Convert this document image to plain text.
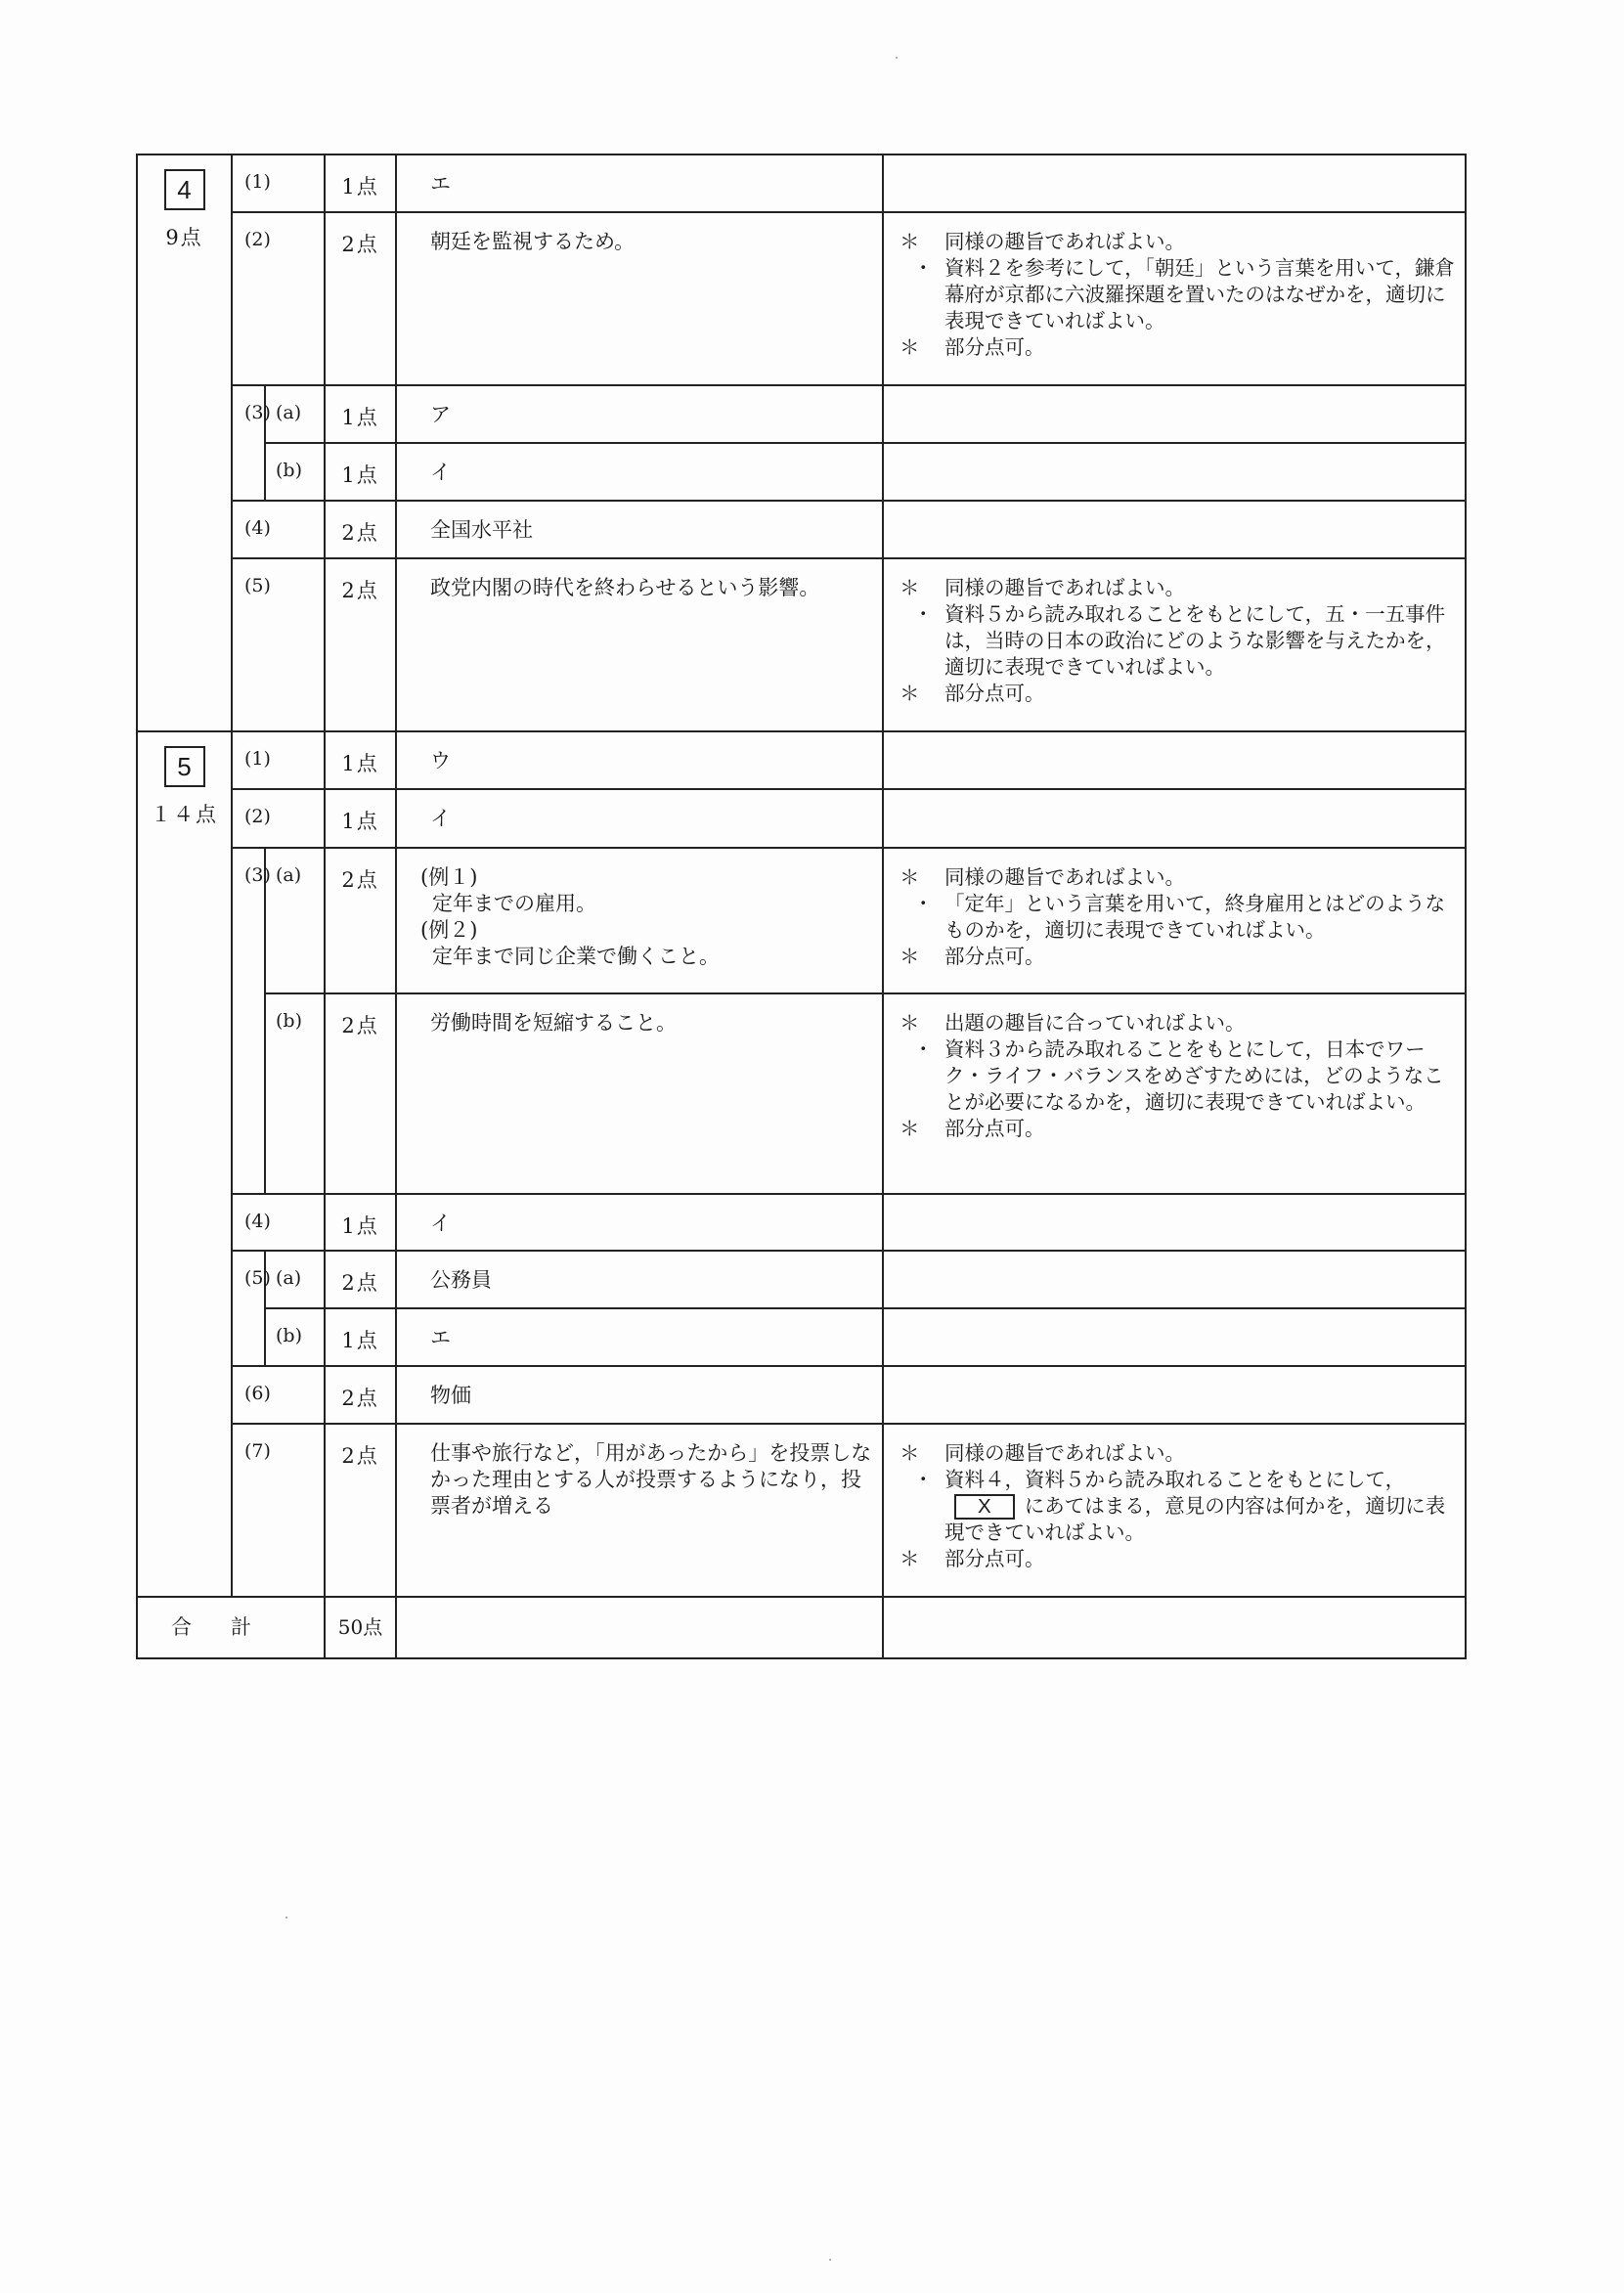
4
9点	(1)		1点	エ	

(2)	2点	朝廷を監視するため。	＊	同様の趣旨であればよい。
・ 資料２を参考にして，「朝廷」という言葉を用いて，鎌倉幕府が京都に六波羅探題を置いたのはなぜかを，適切に表現できていればよい。
＊	部分点可。

	(3)	(a)	1点	ア	

		(b)	1点	イ	

	(4)		2点	全国水平社	

(5)	2点	政党内閣の時代を終わらせるという影響。	＊	同様の趣旨であればよい。
・ 資料５から読み取れることをもとにして，五・一五事件は，当時の日本の政治にどのような影響を与えたかを，適切に表現できていればよい。
＊	部分点可。

5
１４点	(1)		1点	ウ	

	(2)		1点	イ	

(3)	(a)	2点	(例１)
定年までの雇用。
(例２)
定年まで同じ企業で働くこと。

＊	同様の趣旨であればよい。
・ 「定年」という言葉を用いて，終身雇用とはどのようなものかを，適切に表現できていればよい。
＊	部分点可。

(b)	2点	労働時間を短縮すること。	＊	出題の趣旨に合っていればよい。
・ 資料３から読み取れることをもとにして，日本でワーク・ライフ・バランスをめざすためには，どのようなことが必要になるかを，適切に表現できていればよい。
＊	部分点可。

	(4)		1点	イ	

	(5)	(a)	2点	公務員	

		(b)	1点	エ	

	(6)		2点	物価	

(7)	2点	仕事や旅行など，「用があったから」を投票しなかった理由とする人が投票するようになり，投票者が増える

＊	同様の趣旨であればよい。
・ 資料４，資料５から読み取れることをもとにして，X にあてはまる，意見の内容は何かを，適切に表現できていればよい。
＊	部分点可。

合計			50点		
